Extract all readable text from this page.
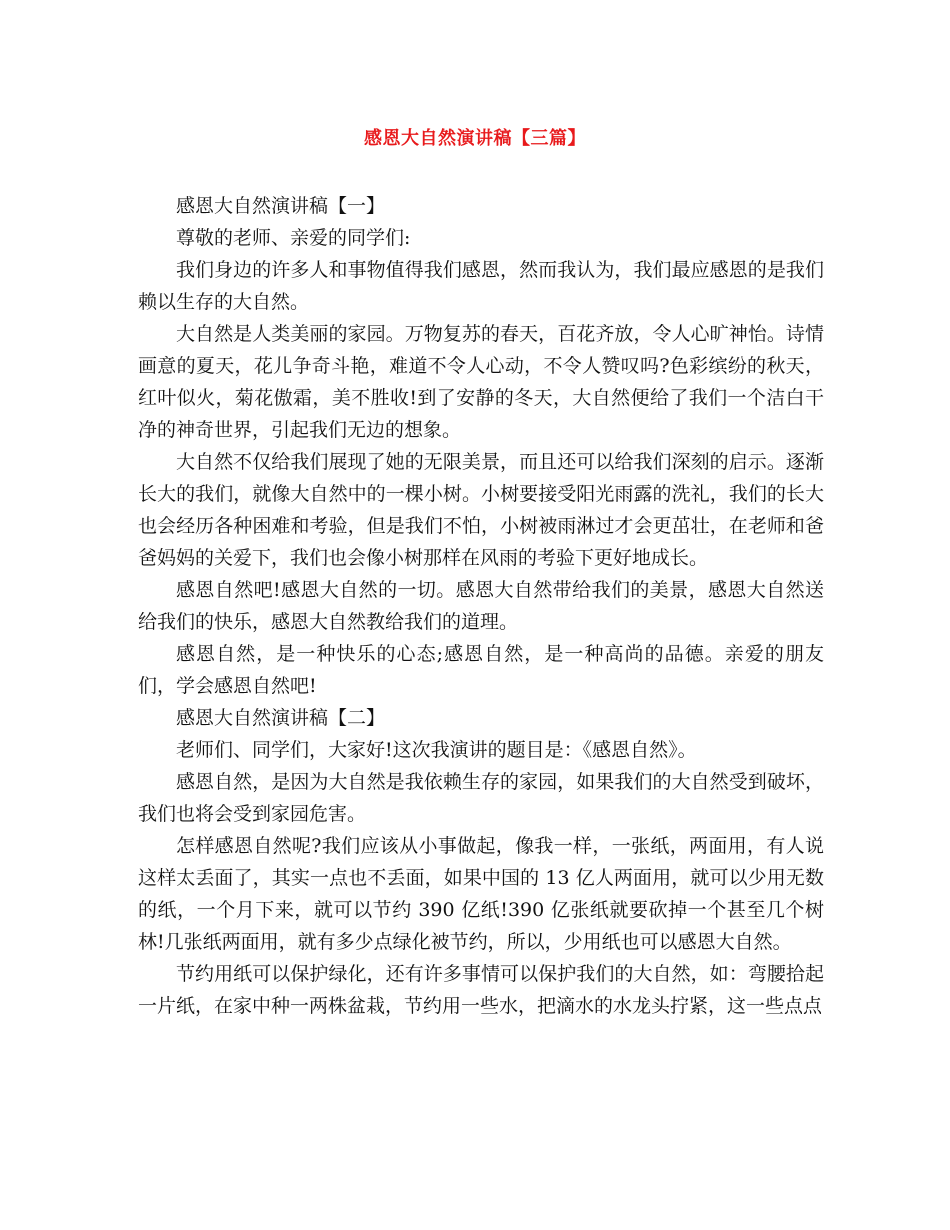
感恩大自然演讲稿【三篇】

感恩大自然演讲稿【一】

尊敬的老师、亲爱的同学们:

我们身边的许多人和事物值得我们感恩，然而我认为，我们最应感恩的是我们赖以生存的大自然。

大自然是人类美丽的家园。万物复苏的春天，百花齐放，令人心旷神怡。诗情画意的夏天，花儿争奇斗艳，难道不令人心动，不令人赞叹吗?色彩缤纷的秋天，红叶似火，菊花傲霜，美不胜收!到了安静的冬天，大自然便给了我们一个洁白干净的神奇世界，引起我们无边的想象。

大自然不仅给我们展现了她的无限美景，而且还可以给我们深刻的启示。逐渐长大的我们，就像大自然中的一棵小树。小树要接受阳光雨露的洗礼，我们的长大也会经历各种困难和考验，但是我们不怕，小树被雨淋过才会更茁壮，在老师和爸爸妈妈的关爱下，我们也会像小树那样在风雨的考验下更好地成长。

感恩自然吧!感恩大自然的一切。感恩大自然带给我们的美景，感恩大自然送给我们的快乐，感恩大自然教给我们的道理。

感恩自然，是一种快乐的心态;感恩自然，是一种高尚的品德。亲爱的朋友们，学会感恩自然吧!

感恩大自然演讲稿【二】

老师们、同学们，大家好!这次我演讲的题目是：《感恩自然》。

感恩自然，是因为大自然是我依赖生存的家园，如果我们的大自然受到破坏，我们也将会受到家园危害。

怎样感恩自然呢?我们应该从小事做起，像我一样，一张纸，两面用，有人说这样太丢面了，其实一点也不丢面，如果中国的 13 亿人两面用，就可以少用无数的纸，一个月下来，就可以节约 390 亿纸!390 亿张纸就要砍掉一个甚至几个树林!几张纸两面用，就有多少点绿化被节约，所以，少用纸也可以感恩大自然。

节约用纸可以保护绿化，还有许多事情可以保护我们的大自然，如：弯腰拾起一片纸，在家中种一两株盆栽，节约用一些水，把滴水的水龙头拧紧，这一些点点
